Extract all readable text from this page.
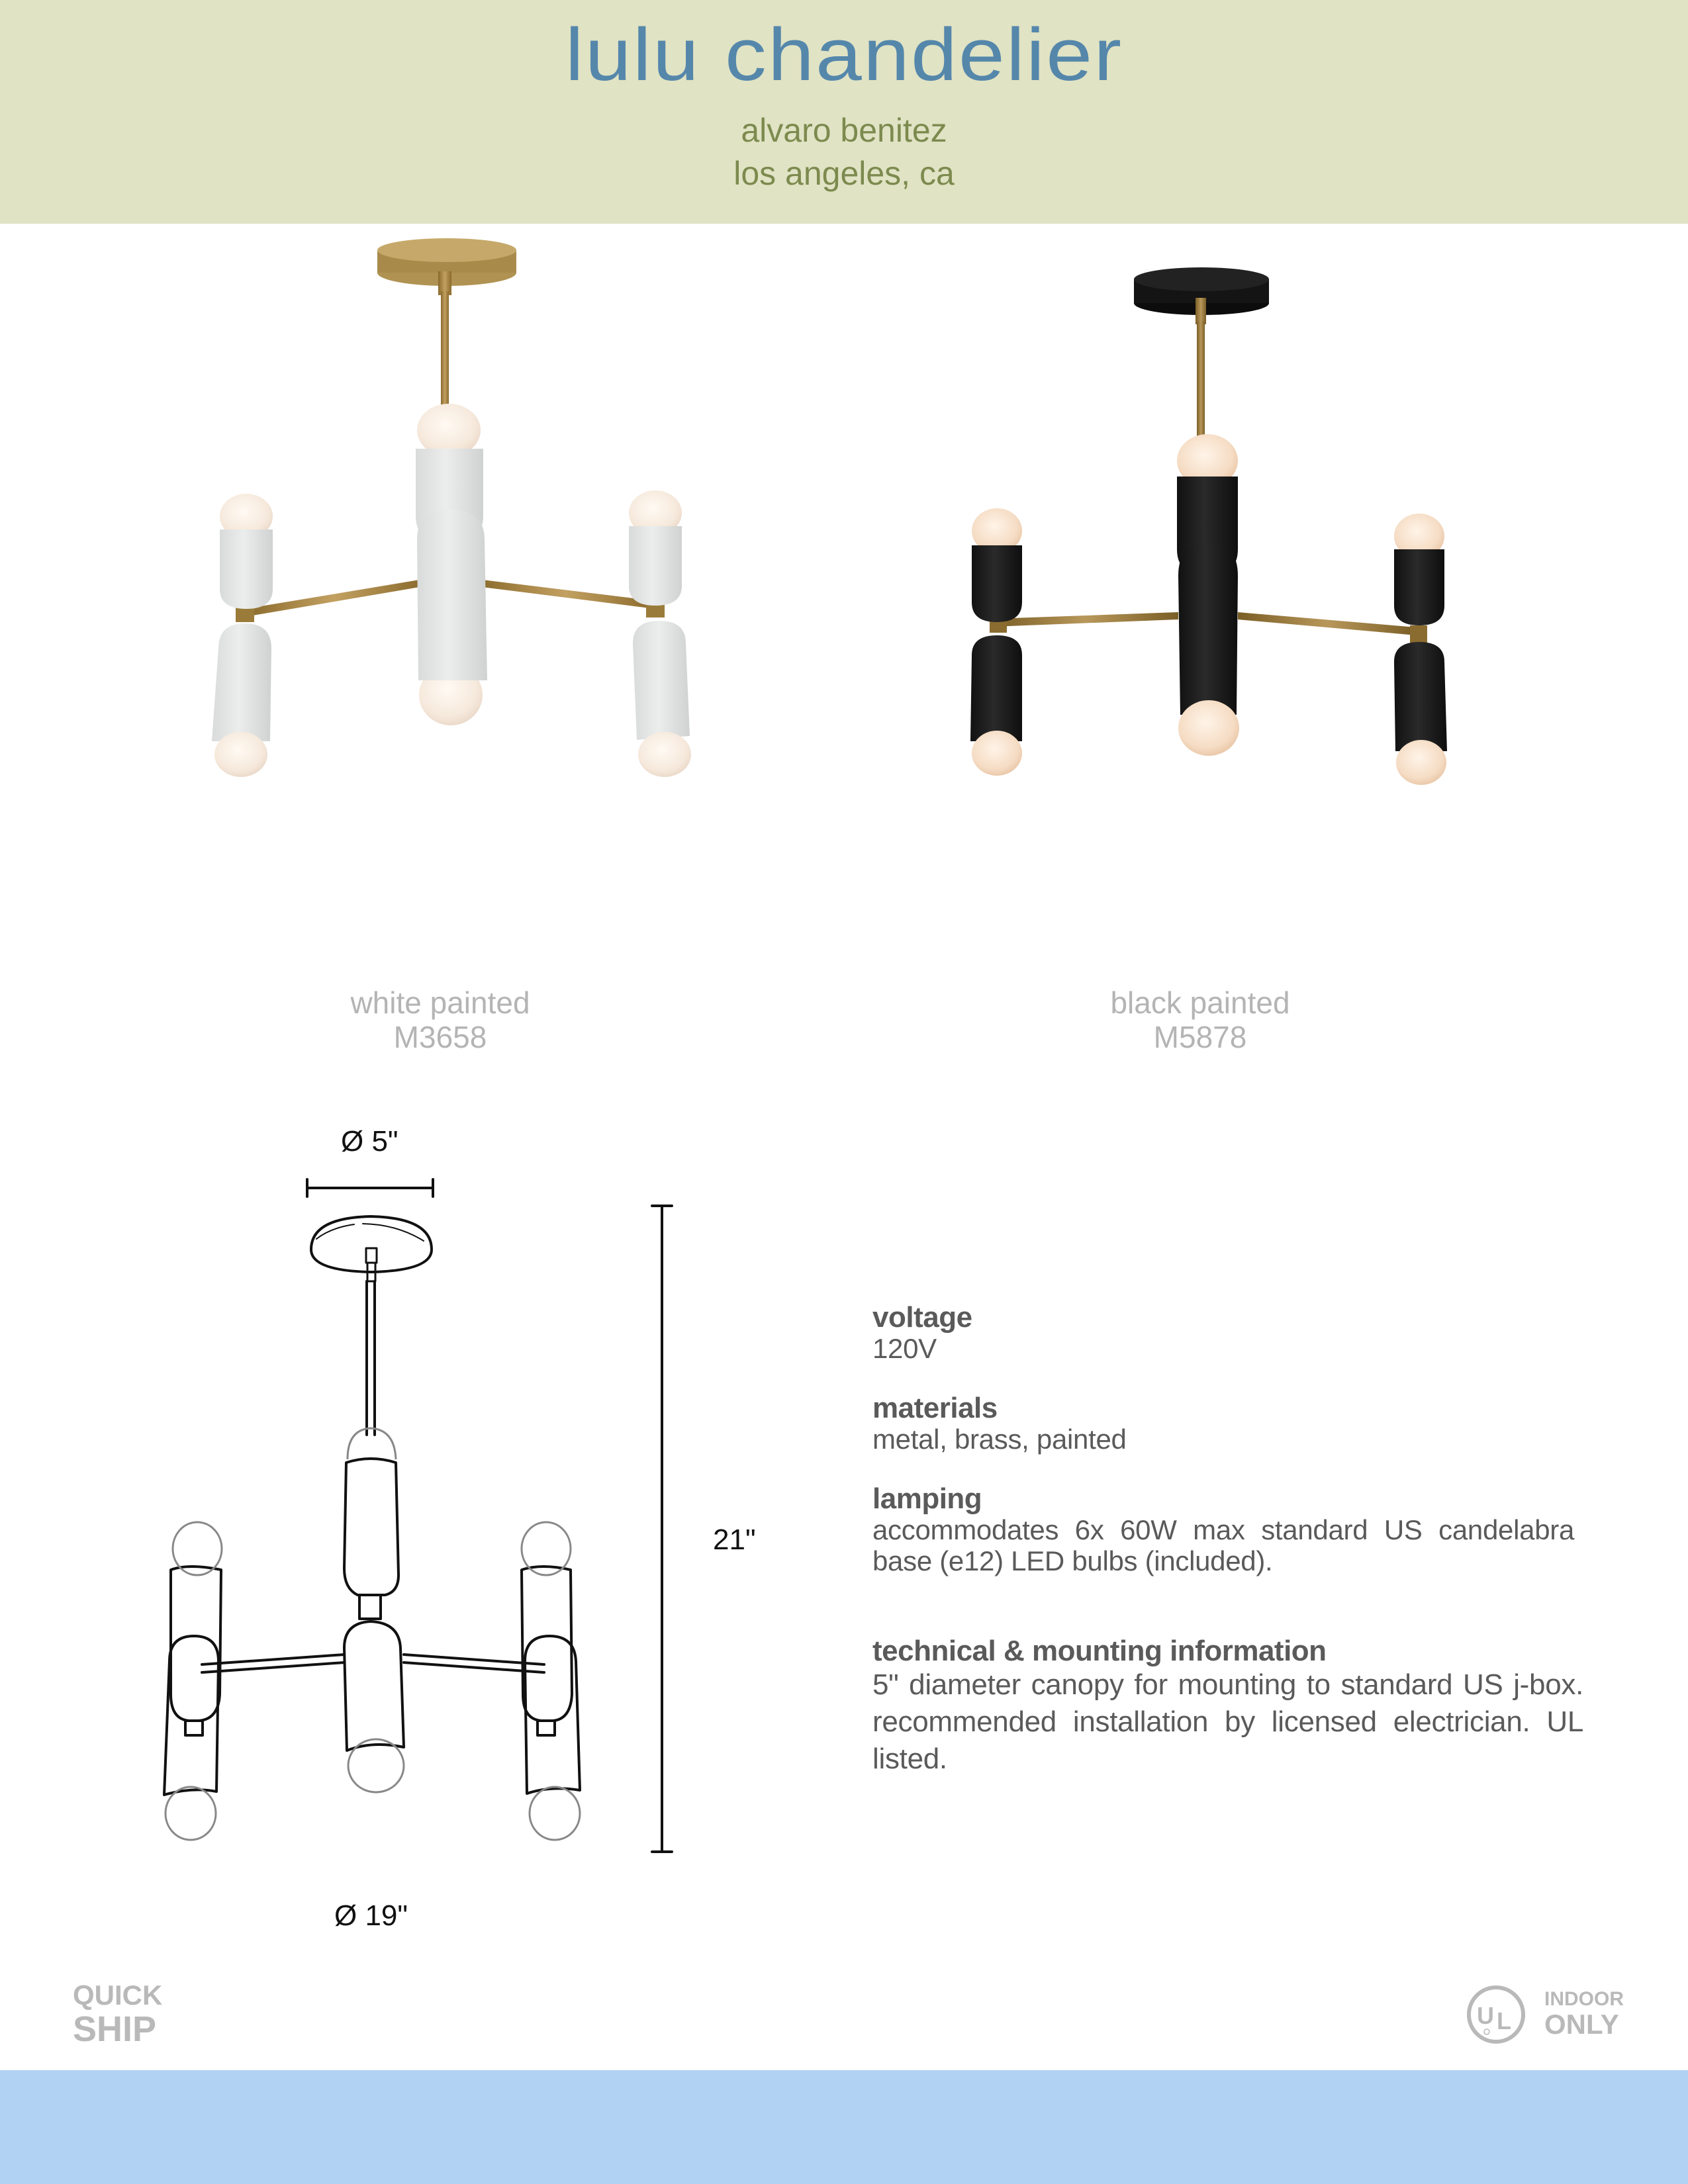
lulu chandelier
alvaro benitez
los angeles, ca
white painted
M3658
black painted
M5878
Ø 5"
21"
Ø 19"
voltage
120V
materials
metal, brass, painted
lamping
accommodates 6x 60W max standard US candelabra base (e12) LED bulbs (included).
technical & mounting information
5" diameter canopy for mounting to standard US j-box. recommended installation by licensed electrician. UL listed.
QUICK
SHIP	U L
INDOOR
ONLY
